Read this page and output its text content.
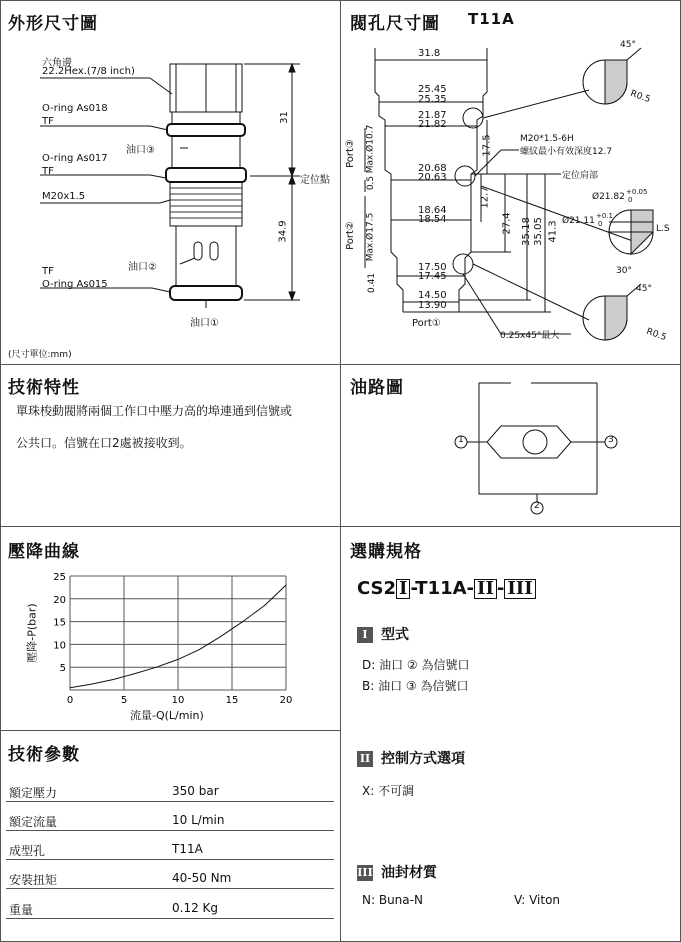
外形尺寸圖
六角邊
22.2Hex.(7/8 inch)
O-ring As018
TF
油口③
O-ring As017
TF
M20x1.5
油口②
TF
O-ring As015
油口①
31
34.9
定位點
(尺寸單位:mm)
閥孔尺寸圖 T11A
31.8
25.45
25.35
21.87
21.82
20.68
20.63
18.64
18.54
17.50
17.45
14.50
13.90
17.5
12.7
27.4 35.18 35.05 41.3
0.5
0.41
Max.Ø10.7
Max.Ø17.5
Port③
Port②
Port①
M20*1.5-6H
螺紋最小有效深度12.7
定位肩部
Ø21.82 +0.05
0
Ø21.11 +0.1
0	L.S
30°
45°
R0.5
45°
R0.5
0.25x45°最大
技術特性
單珠梭動閥將兩個工作口中壓力高的埠連通到信號或
公共口。信號在口2處被接收到。
油路圖
1	3
2
壓降曲線
0	5	10	15	20
5
10
15
20
25
流量-Q(L/min)
壓降-P(bar)
技術參數
額定壓力	350 bar
額定流量	10 L/min
成型孔	T11A
安裝扭矩	40-50 Nm
重量	0.12 Kg
選購規格
CS2 I -T11A- II - III
I 型式
D: 油口 ② 為信號口
B: 油口 ③ 為信號口
II 控制方式選項
X: 不可調
III 油封材質
N: Buna-N	V: Viton
